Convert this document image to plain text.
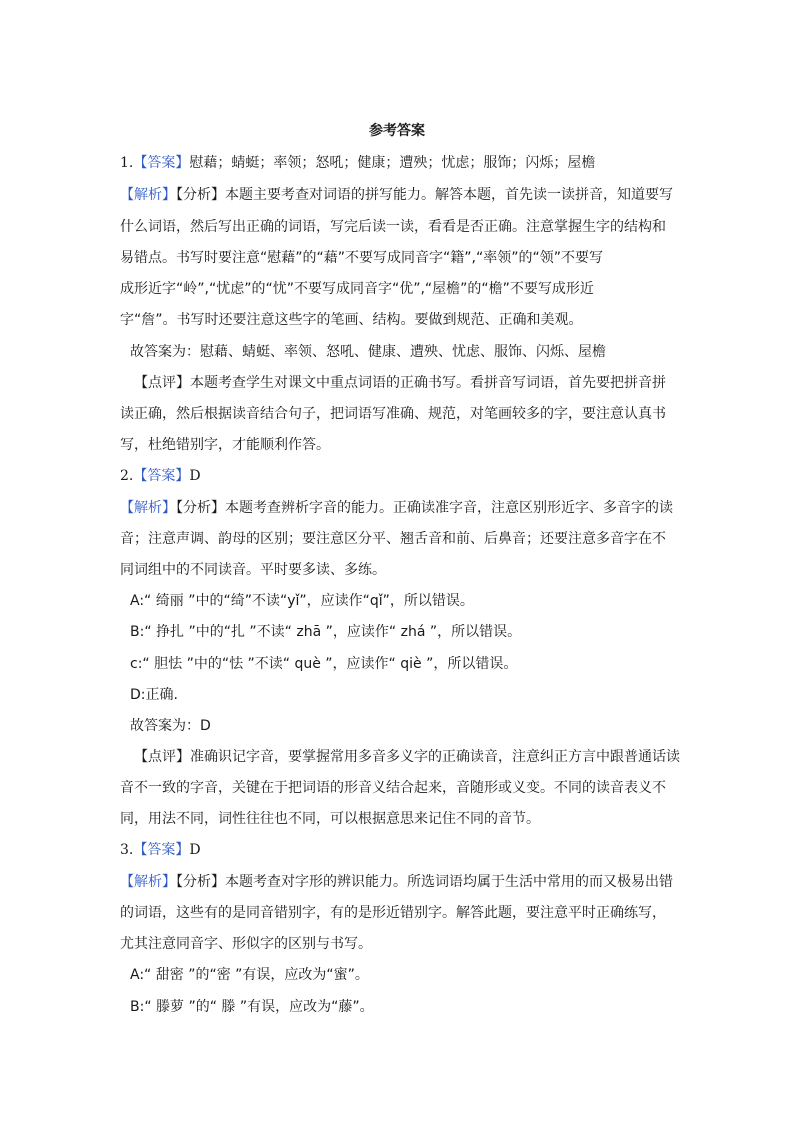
参考答案
1.【答案】慰藉；蜻蜓；率领；怒吼；健康；遭殃；忧虑；服饰；闪烁；屋檐
【解析】【分析】本题主要考查对词语的拼写能力。解答本题，首先读一读拼音，知道要写
什么词语，然后写出正确的词语，写完后读一读，看看是否正确。注意掌握生字的结构和
易错点。书写时要注意“慰藉”的“藉”不要写成同音字“籍”,“率领”的“领”不要写
成形近字“岭”,“忧虑”的“忧”不要写成同音字“优”,“屋檐”的“檐”不要写成形近
字“詹”。书写时还要注意这些字的笔画、结构。要做到规范、正确和美观。
故答案为：慰藉、蜻蜓、率领、怒吼、健康、遭殃、忧虑、服饰、闪烁、屋檐
【点评】本题考查学生对课文中重点词语的正确书写。看拼音写词语，首先要把拼音拼
读正确，然后根据读音结合句子，把词语写准确、规范，对笔画较多的字，要注意认真书
写，杜绝错别字，才能顺利作答。
2.【答案】D
【解析】【分析】本题考查辨析字音的能力。正确读准字音，注意区别形近字、多音字的读
音；注意声调、韵母的区别；要注意区分平、翘舌音和前、后鼻音；还要注意多音字在不
同词组中的不同读音。平时要多读、多练。
A:“ 绮丽 ”中的“绮”不读“yǐ”，应读作“qǐ”，所以错误。
B:“ 挣扎 ”中的“扎 ”不读“ zhā ”，应读作“ zhá ”，所以错误。
c:“ 胆怯 ”中的“怯 ”不读“ què ”，应读作“ qiè ”，所以错误。
D:正确.
故答案为：D
【点评】准确识记字音，要掌握常用多音多义字的正确读音，注意纠正方言中跟普通话读
音不一致的字音，关键在于把词语的形音义结合起来，音随形或义变。不同的读音表义不
同，用法不同，词性往往也不同，可以根据意思来记住不同的音节。
3.【答案】D
【解析】【分析】本题考查对字形的辨识能力。所选词语均属于生活中常用的而又极易出错
的词语，这些有的是同音错别字，有的是形近错别字。解答此题，要注意平时正确练写，
尤其注意同音字、形似字的区别与书写。
A:“ 甜密 ”的“密 ”有误，应改为“蜜”。
B:“ 滕萝 ”的“ 滕 ”有误，应改为“藤”。
